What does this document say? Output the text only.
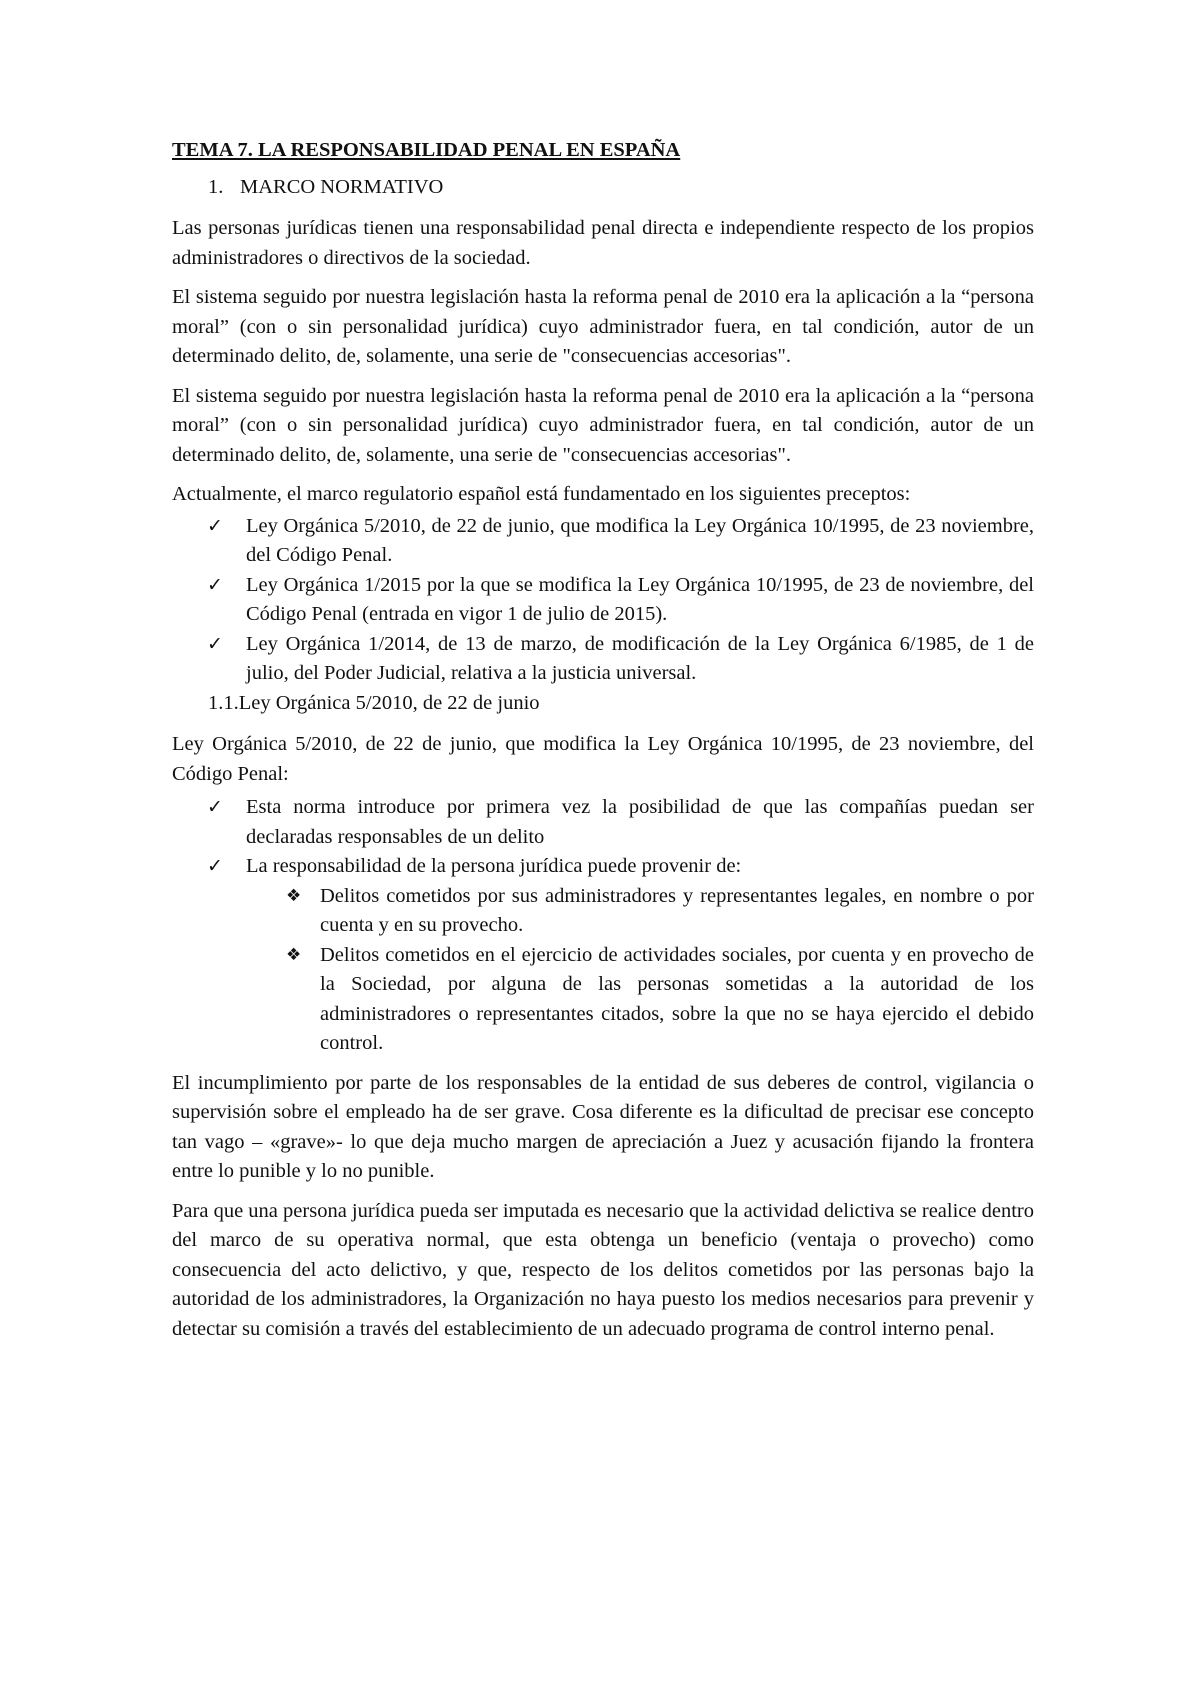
TEMA 7. LA RESPONSABILIDAD PENAL EN ESPAÑA
1. MARCO NORMATIVO

Las personas jurídicas tienen una responsabilidad penal directa e independiente respecto de los propios administradores o directivos de la sociedad.

El sistema seguido por nuestra legislación hasta la reforma penal de 2010 era la aplicación a la “persona moral” (con o sin personalidad jurídica) cuyo administrador fuera, en tal condición, autor de un determinado delito, de, solamente, una serie de "consecuencias accesorias".

El sistema seguido por nuestra legislación hasta la reforma penal de 2010 era la aplicación a la “persona moral” (con o sin personalidad jurídica) cuyo administrador fuera, en tal condición, autor de un determinado delito, de, solamente, una serie de "consecuencias accesorias".

Actualmente, el marco regulatorio español está fundamentado en los siguientes preceptos:

✓ Ley Orgánica 5/2010, de 22 de junio, que modifica la Ley Orgánica 10/1995, de 23 noviembre, del Código Penal.
✓ Ley Orgánica 1/2015 por la que se modifica la Ley Orgánica 10/1995, de 23 de noviembre, del Código Penal (entrada en vigor 1 de julio de 2015).
✓ Ley Orgánica 1/2014, de 13 de marzo, de modificación de la Ley Orgánica 6/1985, de 1 de julio, del Poder Judicial, relativa a la justicia universal.
1.1.Ley Orgánica 5/2010, de 22 de junio

Ley Orgánica 5/2010, de 22 de junio, que modifica la Ley Orgánica 10/1995, de 23 noviembre, del Código Penal:

✓ Esta norma introduce por primera vez la posibilidad de que las compañías puedan ser declaradas responsables de un delito
✓ La responsabilidad de la persona jurídica puede provenir de:
❖ Delitos cometidos por sus administradores y representantes legales, en nombre o por cuenta y en su provecho.
❖ Delitos cometidos en el ejercicio de actividades sociales, por cuenta y en provecho de la Sociedad, por alguna de las personas sometidas a la autoridad de los administradores o representantes citados, sobre la que no se haya ejercido el debido control.

El incumplimiento por parte de los responsables de la entidad de sus deberes de control, vigilancia o supervisión sobre el empleado ha de ser grave. Cosa diferente es la dificultad de precisar ese concepto tan vago – «grave»- lo que deja mucho margen de apreciación a Juez y acusación fijando la frontera entre lo punible y lo no punible.

Para que una persona jurídica pueda ser imputada es necesario que la actividad delictiva se realice dentro del marco de su operativa normal, que esta obtenga un beneficio (ventaja o provecho) como consecuencia del acto delictivo, y que, respecto de los delitos cometidos por las personas bajo la autoridad de los administradores, la Organización no haya puesto los medios necesarios para prevenir y detectar su comisión a través del establecimiento de un adecuado programa de control interno penal.
